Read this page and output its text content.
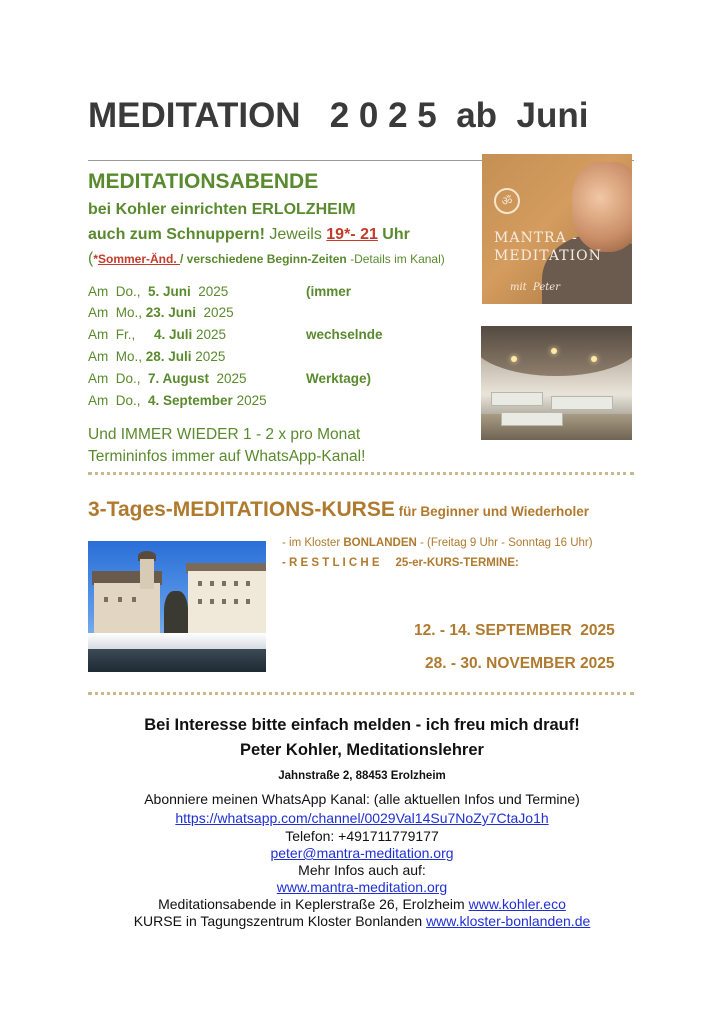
MEDITATION   2 0 2 5  ab  Juni
MEDITATIONSABENDE
bei Kohler einrichten ERLOLZHEIM
auch zum Schnuppern! Jeweils 19*- 21 Uhr
(*Sommer-Änd. / verschiedene Beginn-Zeiten -Details im Kanal)
Am  Do.,  5. Juni  2025	(immer
Am  Mo., 23. Juni  2025
Am  Fr.,     4. Juli 2025	wechselnde
Am  Mo., 28. Juli 2025
Am  Do.,  7. August  2025	Werktage)
Am  Do.,  4. September 2025
Und IMMER WIEDER 1 - 2 x pro Monat
Termininfos immer auf WhatsApp-Kanal!
ॐ
MANTRA -
MEDITATION
mit  Peter
3-Tages-MEDITATIONS-KURSE für Beginner und Wiederholer
- im Kloster BONLANDEN - (Freitag 9 Uhr - Sonntag 16 Uhr)
- R E S T L I C H E     25-er-KURS-TERMINE:
12. - 14. SEPTEMBER  2025
28. - 30. NOVEMBER 2025
Bei Interesse bitte einfach melden - ich freu mich drauf!
Peter Kohler, Meditationslehrer
Jahnstraße 2, 88453 Erolzheim
Abonniere meinen WhatsApp Kanal: (alle aktuellen Infos und Termine)
https://whatsapp.com/channel/0029Val14Su7NoZy7CtaJo1h
Telefon: +491711779177
peter@mantra-meditation.org
Mehr Infos auch auf:
www.mantra-meditation.org
Meditationsabende in Keplerstraße 26, Erolzheim www.kohler.eco
KURSE in Tagungszentrum Kloster Bonlanden www.kloster-bonlanden.de
